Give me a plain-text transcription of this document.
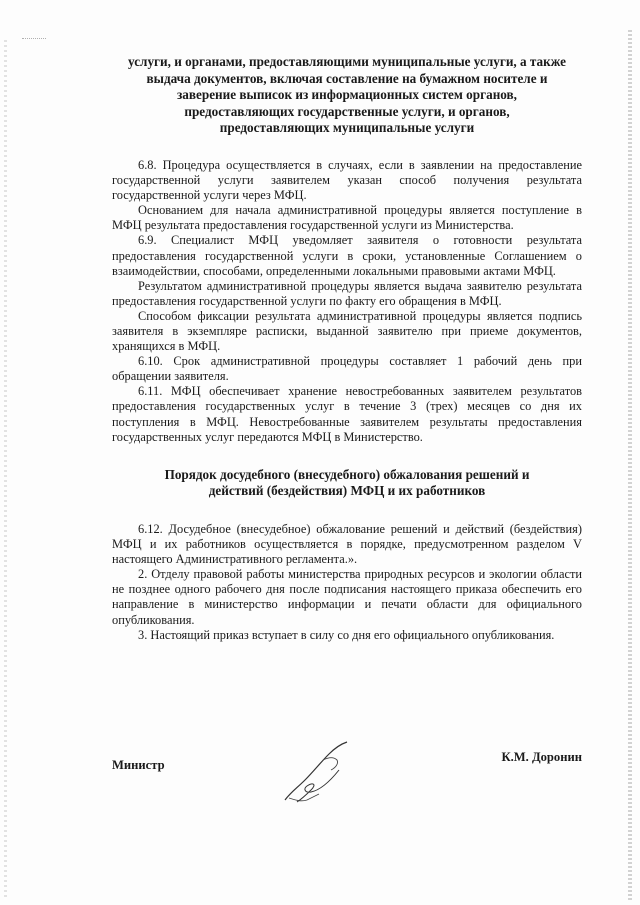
услуги, и органами, предоставляющими муниципальные услуги, а также

выдача документов, включая составление на бумажном носителе и

заверение выписок из информационных систем органов,

предоставляющих государственные услуги, и органов,

предоставляющих муниципальные услуги

6.8. Процедура осуществляется в случаях, если в заявлении на предоставление государственной услуги заявителем указан способ получения результата государственной услуги через МФЦ.

Основанием для начала административной процедуры является поступление в МФЦ результата предоставления государственной услуги из Министерства.

6.9. Специалист МФЦ уведомляет заявителя о готовности результата предоставления государственной услуги в сроки, установленные Соглашением о взаимодействии, способами, определенными локальными правовыми актами МФЦ.

Результатом административной процедуры является выдача заявителю результата предоставления государственной услуги по факту его обращения в МФЦ.

Способом фиксации результата административной процедуры является подпись заявителя в экземпляре расписки, выданной заявителю при приеме документов, хранящихся в МФЦ.

6.10. Срок административной процедуры составляет 1 рабочий день при обращении заявителя.

6.11. МФЦ обеспечивает хранение невостребованных заявителем результатов предоставления государственных услуг в течение 3 (трех) месяцев со дня их поступления в МФЦ. Невостребованные заявителем результаты предоставления государственных услуг передаются МФЦ в Министерство.

Порядок досудебного (внесудебного) обжалования решений и

действий (бездействия) МФЦ и их работников

6.12. Досудебное (внесудебное) обжалование решений и действий (бездействия) МФЦ и их работников осуществляется в порядке, предусмотренном разделом V настоящего Административного регламента.».

2. Отделу правовой работы министерства природных ресурсов и экологии области не позднее одного рабочего дня после подписания настоящего приказа обеспечить его направление в министерство информации и печати области для официального опубликования.

3. Настоящий приказ вступает в силу со дня его официального опубликования.

Министр
К.М. Доронин
